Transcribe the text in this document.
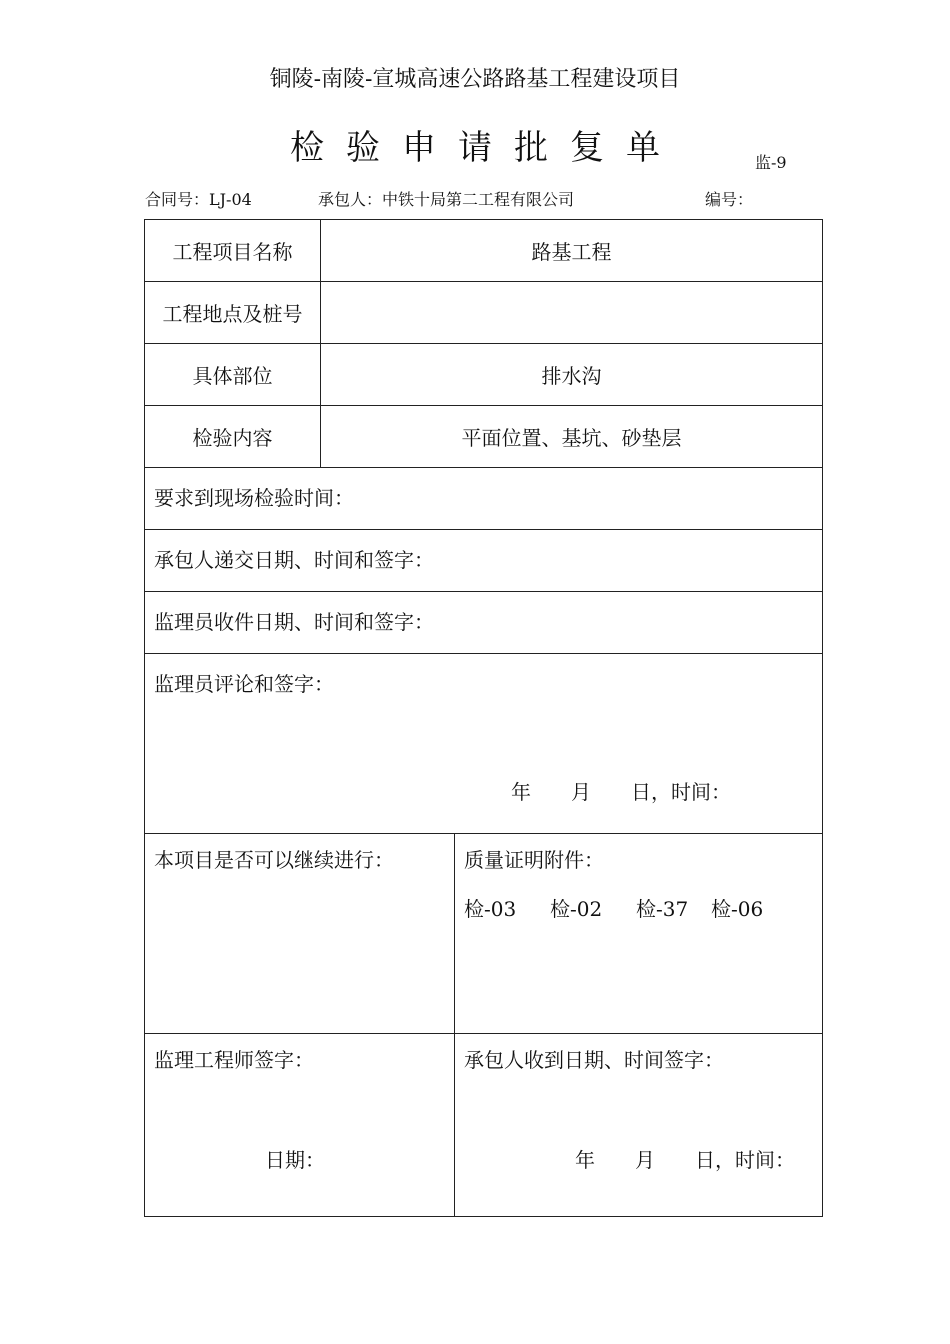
铜陵-南陵-宣城高速公路路基工程建设项目
检验申请批复单	监-9
合同号：LJ-04	承包人：中铁十局第二工程有限公司	编号：
工程项目名称	路基工程
工程地点及桩号
具体部位	排水沟
检验内容	平面位置、基坑、砂垫层
要求到现场检验时间：
承包人递交日期、时间和签字：
监理员收件日期、时间和签字：
监理员评论和签字：
年　　月　　日，时间：
本项目是否可以继续进行：	质量证明附件：
检-03 检-02 检-37 检-06
监理工程师签字：
日期：
承包人收到日期、时间签字：
年　　月　　日，时间：
